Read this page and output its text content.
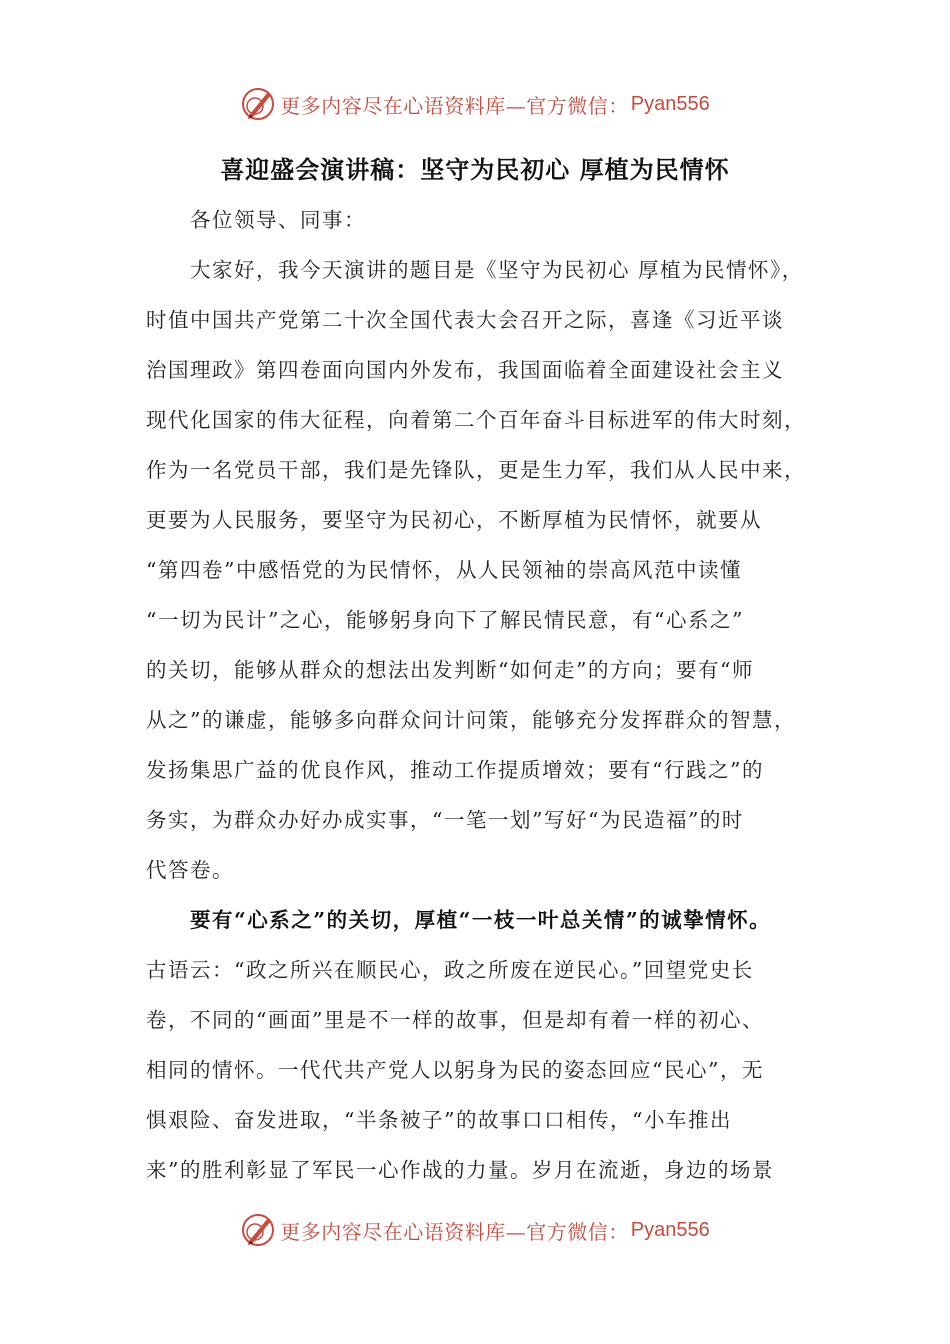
更多内容尽在心语资料库—官方微信： Pyan556
喜迎盛会演讲稿：坚守为民初心 厚植为民情怀
各位领导、同事：
大家好，我今天演讲的题目是《坚守为民初心 厚植为民情怀》，
时值中国共产党第二十次全国代表大会召开之际，喜逢《习近平谈
治国理政》第四卷面向国内外发布，我国面临着全面建设社会主义
现代化国家的伟大征程，向着第二个百年奋斗目标进军的伟大时刻，
作为一名党员干部，我们是先锋队，更是生力军，我们从人民中来，
更要为人民服务，要坚守为民初心，不断厚植为民情怀，就要从
“第四卷”中感悟党的为民情怀，从人民领袖的崇高风范中读懂
“一切为民计”之心，能够躬身向下了解民情民意，有“心系之”
的关切，能够从群众的想法出发判断“如何走”的方向；要有“师
从之”的谦虚，能够多向群众问计问策，能够充分发挥群众的智慧，
发扬集思广益的优良作风，推动工作提质增效；要有“行践之”的
务实，为群众办好办成实事，“一笔一划”写好“为民造福”的时
代答卷。
要有“心系之”的关切，厚植“一枝一叶总关情”的诚挚情怀。
古语云：“政之所兴在顺民心，政之所废在逆民心。”回望党史长
卷，不同的“画面”里是不一样的故事，但是却有着一样的初心、
相同的情怀。一代代共产党人以躬身为民的姿态回应“民心”，无
惧艰险、奋发进取，“半条被子”的故事口口相传，“小车推出
来”的胜利彰显了军民一心作战的力量。岁月在流逝，身边的场景
更多内容尽在心语资料库—官方微信： Pyan556
